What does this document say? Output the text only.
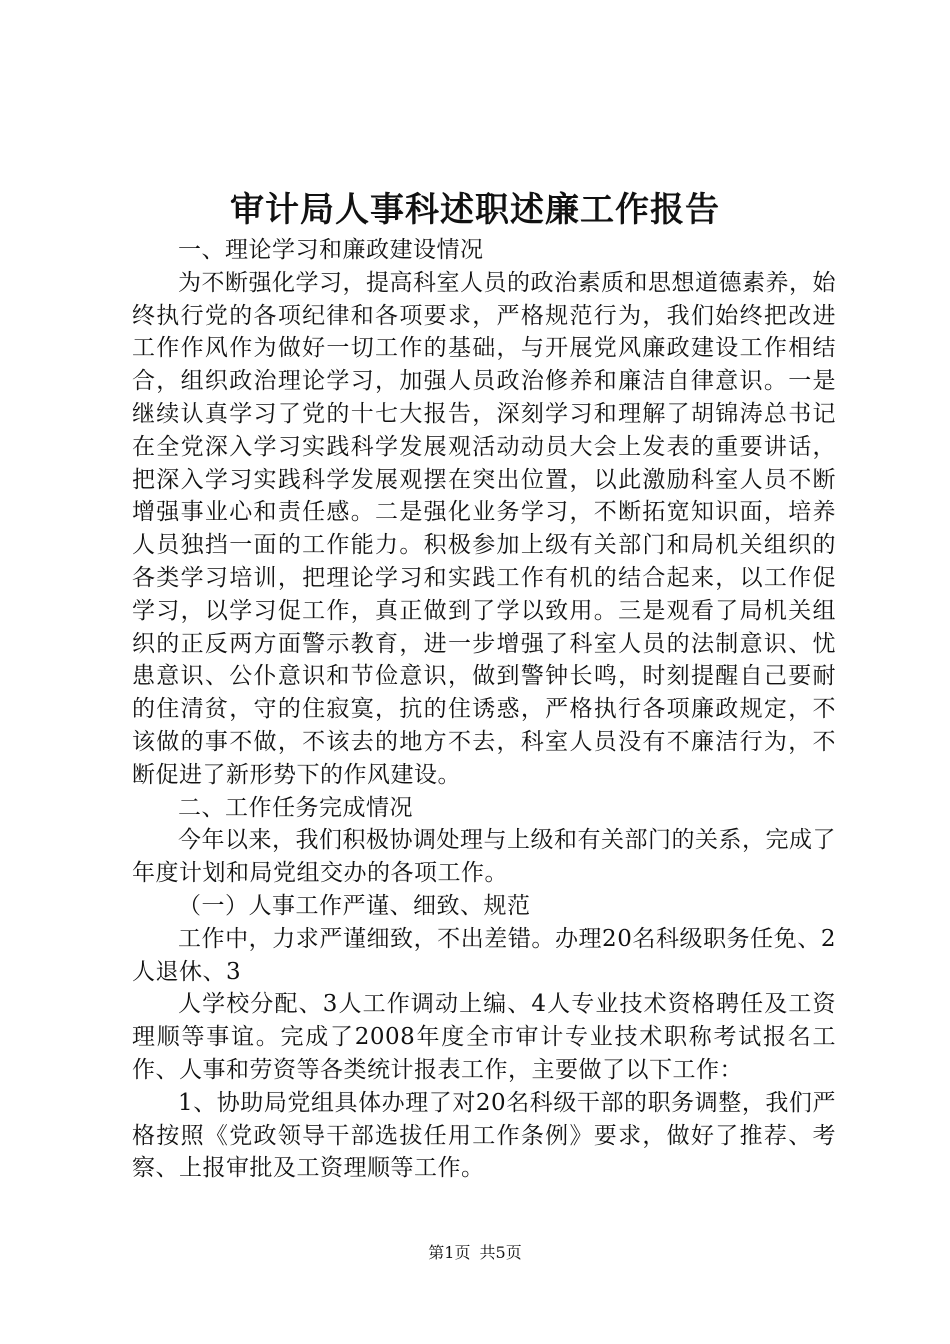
审计局人事科述职述廉工作报告

一、理论学习和廉政建设情况

为不断强化学习，提高科室人员的政治素质和思想道德素养，始终执行党的各项纪律和各项要求，严格规范行为，我们始终把改进工作作风作为做好一切工作的基础，与开展党风廉政建设工作相结合，组织政治理论学习，加强人员政治修养和廉洁自律意识。一是继续认真学习了党的十七大报告，深刻学习和理解了胡锦涛总书记在全党深入学习实践科学发展观活动动员大会上发表的重要讲话，把深入学习实践科学发展观摆在突出位置，以此激励科室人员不断增强事业心和责任感。二是强化业务学习，不断拓宽知识面，培养人员独挡一面的工作能力。积极参加上级有关部门和局机关组织的各类学习培训，把理论学习和实践工作有机的结合起来，以工作促学习，以学习促工作，真正做到了学以致用。三是观看了局机关组织的正反两方面警示教育，进一步增强了科室人员的法制意识、忧患意识、公仆意识和节俭意识，做到警钟长鸣，时刻提醒自己要耐的住清贫，守的住寂寞，抗的住诱惑，严格执行各项廉政规定，不该做的事不做，不该去的地方不去，科室人员没有不廉洁行为，不断促进了新形势下的作风建设。

二、工作任务完成情况

今年以来，我们积极协调处理与上级和有关部门的关系，完成了年度计划和局党组交办的各项工作。

（一）人事工作严谨、细致、规范

工作中，力求严谨细致，不出差错。办理20名科级职务任免、2人退休、3

人学校分配、3人工作调动上编、4人专业技术资格聘任及工资理顺等事谊。完成了2008年度全市审计专业技术职称考试报名工作、人事和劳资等各类统计报表工作，主要做了以下工作：

1、协助局党组具体办理了对20名科级干部的职务调整，我们严格按照《党政领导干部选拔任用工作条例》要求，做好了推荐、考察、上报审批及工资理顺等工作。

第1页 共5页
